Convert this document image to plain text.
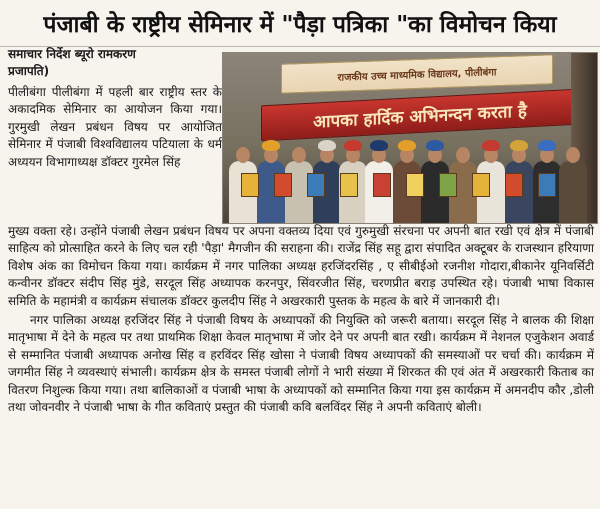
पंजाबी के राष्ट्रीय सेमिनार में "पैड़ा पत्रिका "का विमोचन किया
समाचार निर्देश ब्यूरो रामकरण
प्रजापति)

पीलीबंगा पीलीबंगा में पहली बार राष्ट्रीय स्तर के अकादमिक सेमिनार का आयोजन किया गया। गुरमुखी लेखन प्रबंधन विषय पर आयोजित सेमिनार में पंजाबी विश्वविद्यालय पटियाला के धर्म अध्ययन विभागाध्यक्ष डॉक्टर गुरमेल सिंह

राजकीय उच्च माध्यमिक विद्यालय, पीलीबंगा
आपका हार्दिक अभिनन्दन करता है

मुख्य वक्ता रहे। उन्होंने पंजाबी लेखन प्रबंधन विषय पर अपना वक्तव्य दिया एवं गुरुमुखी संरचना पर अपनी बात रखी एवं क्षेत्र में पंजाबी साहित्य को प्रोत्साहित करने के लिए चल रही 'पैड़ा' मैगजीन की सराहना की। राजेंद्र सिंह सहू द्वारा संपादित अक्टूबर के राजस्थान हरियाणा विशेष अंक का विमोचन किया गया। कार्यक्रम में नगर पालिका अध्यक्ष हरजिंदरसिंह , ए सीबीईओ रजनीश गोदारा,बीकानेर यूनिवर्सिटी कन्वीनर डॉक्टर संदीप सिंह मुंडे, सरदूल सिंह अध्यापक करनपुर, सिंवरजीत सिंह, चरणप्रीत बराड़ उपस्थित रहे। पंजाबी भाषा विकास समिति के महामंत्री व कार्यक्रम संचालक डॉक्टर कुलदीप सिंह ने अखरकारी पुस्तक के महत्व के बारे में जानकारी दी।

नगर पालिका अध्यक्ष हरजिंदर सिंह ने पंजाबी विषय के अध्यापकों की नियुक्ति को जरूरी बताया। सरदूल सिंह ने बालक की शिक्षा मातृभाषा में देने के महत्व पर तथा प्राथमिक शिक्षा केवल मातृभाषा में जोर देने पर अपनी बात रखी। कार्यक्रम में नेशनल एजुकेशन अवार्ड से सम्मानित पंजाबी अध्यापक अनोख सिंह व हरविंदर सिंह खोसा ने पंजाबी विषय अध्यापकों की समस्याओं पर चर्चा की। कार्यक्रम में जगमीत सिंह ने व्यवस्थाएं संभाली। कार्यक्रम क्षेत्र के समस्त पंजाबी लोगों ने भारी संख्या में शिरकत की एवं अंत में अखरकारी किताब का वितरण निशुल्क किया गया। तथा बालिकाओं व पंजाबी भाषा के अध्यापकों को सम्मानित किया गया इस कार्यक्रम में अमनदीप कौर ,डोली तथा जोवनवीर ने पंजाबी भाषा के गीत कविताएं प्रस्तुत की पंजाबी कवि बलविंदर सिंह ने अपनी कविताएं बोली।
